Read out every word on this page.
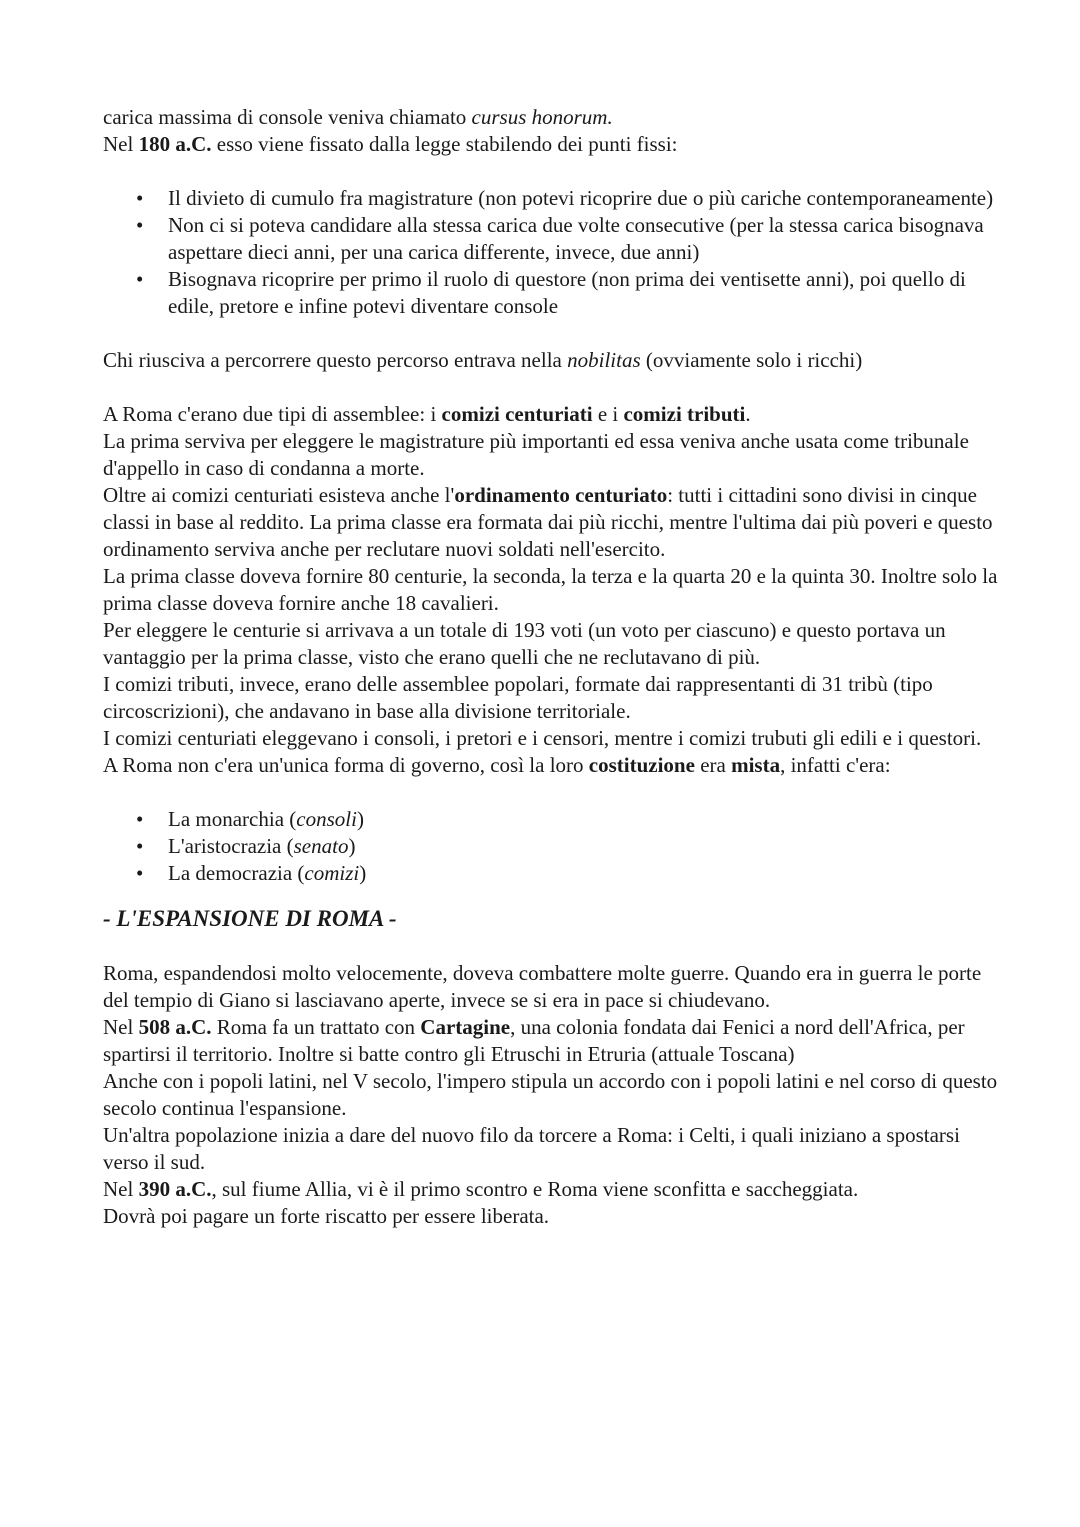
carica massima di console veniva chiamato cursus honorum.

Nel 180 a.C. esso viene fissato dalla legge stabilendo dei punti fissi:

• Il divieto di cumulo fra magistrature (non potevi ricoprire due o più cariche contemporaneamente)
• Non ci si poteva candidare alla stessa carica due volte consecutive (per la stessa carica bisognava aspettare dieci anni, per una carica differente, invece, due anni)
• Bisognava ricoprire per primo il ruolo di questore (non prima dei ventisette anni), poi quello di edile, pretore e infine potevi diventare console

Chi riusciva a percorrere questo percorso entrava nella nobilitas (ovviamente solo i ricchi)

A Roma c'erano due tipi di assemblee: i comizi centuriati e i comizi tributi.

La prima serviva per eleggere le magistrature più importanti ed essa veniva anche usata come tribunale d'appello in caso di condanna a morte.

Oltre ai comizi centuriati esisteva anche l'ordinamento centuriato: tutti i cittadini sono divisi in cinque classi in base al reddito. La prima classe era formata dai più ricchi, mentre l'ultima dai più poveri e questo ordinamento serviva anche per reclutare nuovi soldati nell'esercito.

La prima classe doveva fornire 80 centurie, la seconda, la terza e la quarta 20 e la quinta 30. Inoltre solo la prima classe doveva fornire anche 18 cavalieri.

Per eleggere le centurie si arrivava a un totale di 193 voti (un voto per ciascuno) e questo portava un vantaggio per la prima classe, visto che erano quelli che ne reclutavano di più.

I comizi tributi, invece, erano delle assemblee popolari, formate dai rappresentanti di 31 tribù (tipo circoscrizioni), che andavano in base alla divisione territoriale.

I comizi centuriati eleggevano i consoli, i pretori e i censori, mentre i comizi trubuti gli edili e i questori.

A Roma non c'era un'unica forma di governo, così la loro costituzione era mista, infatti c'era:

• La monarchia (consoli)
• L'aristocrazia (senato)
• La democrazia (comizi)

- L'ESPANSIONE DI ROMA -

Roma, espandendosi molto velocemente, doveva combattere molte guerre. Quando era in guerra le porte del tempio di Giano si lasciavano aperte, invece se si era in pace si chiudevano.

Nel 508 a.C. Roma fa un trattato con Cartagine, una colonia fondata dai Fenici a nord dell'Africa, per spartirsi il territorio. Inoltre si batte contro gli Etruschi in Etruria (attuale Toscana)

Anche con i popoli latini, nel V secolo, l'impero stipula un accordo con i popoli latini e nel corso di questo secolo continua l'espansione.

Un'altra popolazione inizia a dare del nuovo filo da torcere a Roma: i Celti, i quali iniziano a spostarsi verso il sud.

Nel 390 a.C., sul fiume Allia, vi è il primo scontro e Roma viene sconfitta e saccheggiata.

Dovrà poi pagare un forte riscatto per essere liberata.
